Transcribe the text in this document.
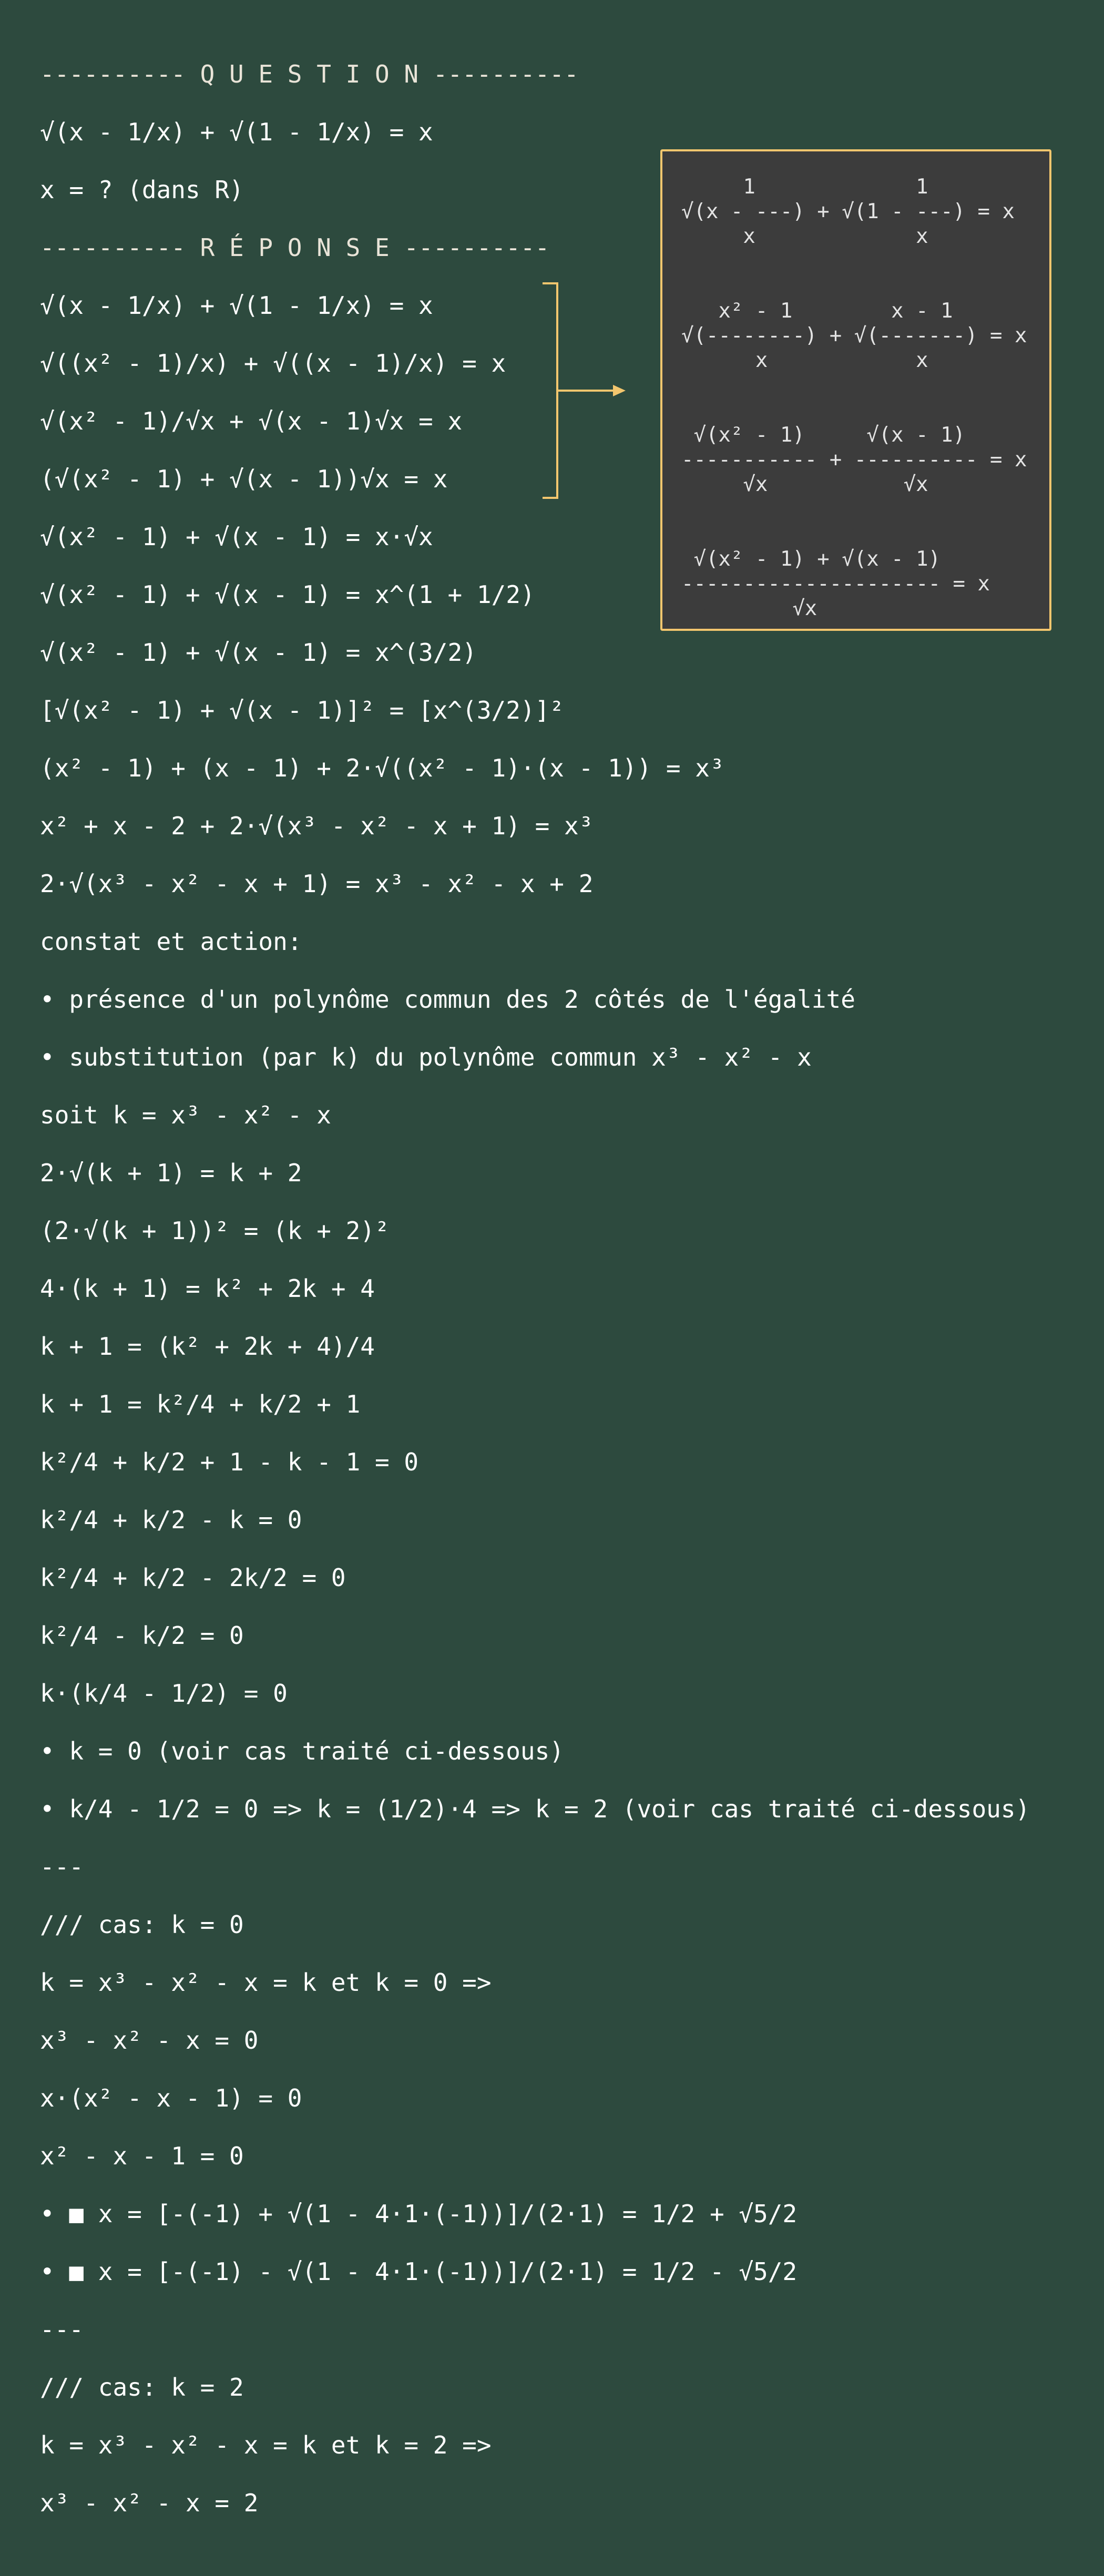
---------- Q U E S T I O N ----------
√(x - 1/x) + √(1 - 1/x) = x
x = ? (dans R)
---------- R É P O N S E ----------
√(x - 1/x) + √(1 - 1/x) = x
√((x² - 1)/x) + √((x - 1)/x) = x
√(x² - 1)/√x + √(x - 1)√x = x
(√(x² - 1) + √(x - 1))√x = x
√(x² - 1) + √(x - 1) = x·√x
√(x² - 1) + √(x - 1) = x^(1 + 1/2)
√(x² - 1) + √(x - 1) = x^(3/2)
[√(x² - 1) + √(x - 1)]² = [x^(3/2)]²
(x² - 1) + (x - 1) + 2·√((x² - 1)·(x - 1)) = x³
x² + x - 2 + 2·√(x³ - x² - x + 1) = x³
2·√(x³ - x² - x + 1) = x³ - x² - x + 2
constat et action:
• présence d'un polynôme commun des 2 côtés de l'égalité
• substitution (par k) du polynôme commun x³ - x² - x
soit k = x³ - x² - x
2·√(k + 1) = k + 2
(2·√(k + 1))² = (k + 2)²
4·(k + 1) = k² + 2k + 4
k + 1 = (k² + 2k + 4)/4
k + 1 = k²/4 + k/2 + 1
k²/4 + k/2 + 1 - k - 1 = 0
k²/4 + k/2 - k = 0
k²/4 + k/2 - 2k/2 = 0
k²/4 - k/2 = 0
k·(k/4 - 1/2) = 0
• k = 0 (voir cas traité ci-dessous)
• k/4 - 1/2 = 0 => k = (1/2)·4 => k = 2 (voir cas traité ci-dessous)
---
/// cas: k = 0
k = x³ - x² - x = k et k = 0 =>
x³ - x² - x = 0
x·(x² - x - 1) = 0
x² - x - 1 = 0
• ■ x = [-(-1) + √(1 - 4·1·(-1))]/(2·1) = 1/2 + √5/2
• ■ x = [-(-1) - √(1 - 4·1·(-1))]/(2·1) = 1/2 - √5/2
---
/// cas: k = 2
k = x³ - x² - x = k et k = 2 =>
x³ - x² - x = 2
1             1
√(x - ---) + √(1 - ---) = x
x             x
x² - 1        x - 1
√(--------) + √(-------) = x
x            x
√(x² - 1)     √(x - 1)
----------- + ---------- = x
√x           √x
√(x² - 1) + √(x - 1)
--------------------- = x
√x
